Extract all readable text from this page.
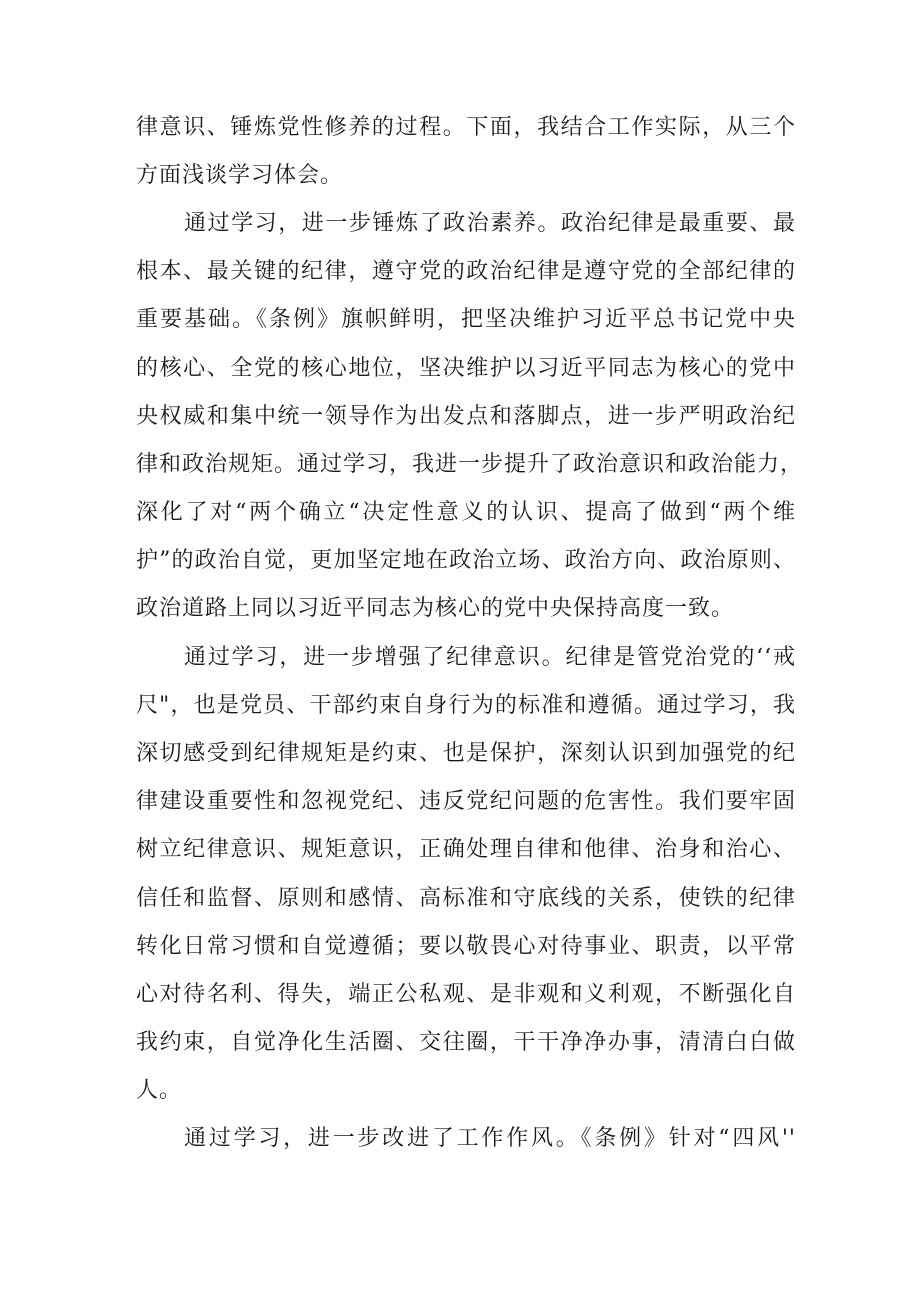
律意识、锤炼党性修养的过程。下面，我结合工作实际，从三个
方面浅谈学习体会。
通过学习，进一步锤炼了政治素养。政治纪律是最重要、最
根本、最关键的纪律，遵守党的政治纪律是遵守党的全部纪律的
重要基础。《条例》旗帜鲜明，把坚决维护习近平总书记党中央
的核心、全党的核心地位，坚决维护以习近平同志为核心的党中
央权威和集中统一领导作为出发点和落脚点，进一步严明政治纪
律和政治规矩。通过学习，我进一步提升了政治意识和政治能力，
深化了对“两个确立“决定性意义的认识、提高了做到“两个维
护”的政治自觉，更加坚定地在政治立场、政治方向、政治原则、
政治道路上同以习近平同志为核心的党中央保持高度一致。
通过学习，进一步增强了纪律意识。纪律是管党治党的‘‘戒
尺"，也是党员、干部约束自身行为的标准和遵循。通过学习，我
深切感受到纪律规矩是约束、也是保护，深刻认识到加强党的纪
律建设重要性和忽视党纪、违反党纪问题的危害性。我们要牢固
树立纪律意识、规矩意识，正确处理自律和他律、治身和治心、
信任和监督、原则和感情、高标准和守底线的关系，使铁的纪律
转化日常习惯和自觉遵循；要以敬畏心对待事业、职责，以平常
心对待名利、得失，端正公私观、是非观和义利观，不断强化自
我约束，自觉净化生活圈、交往圈，干干净净办事，清清白白做
人。
通过学习，进一步改进了工作作风。《条例》针对“四风''
